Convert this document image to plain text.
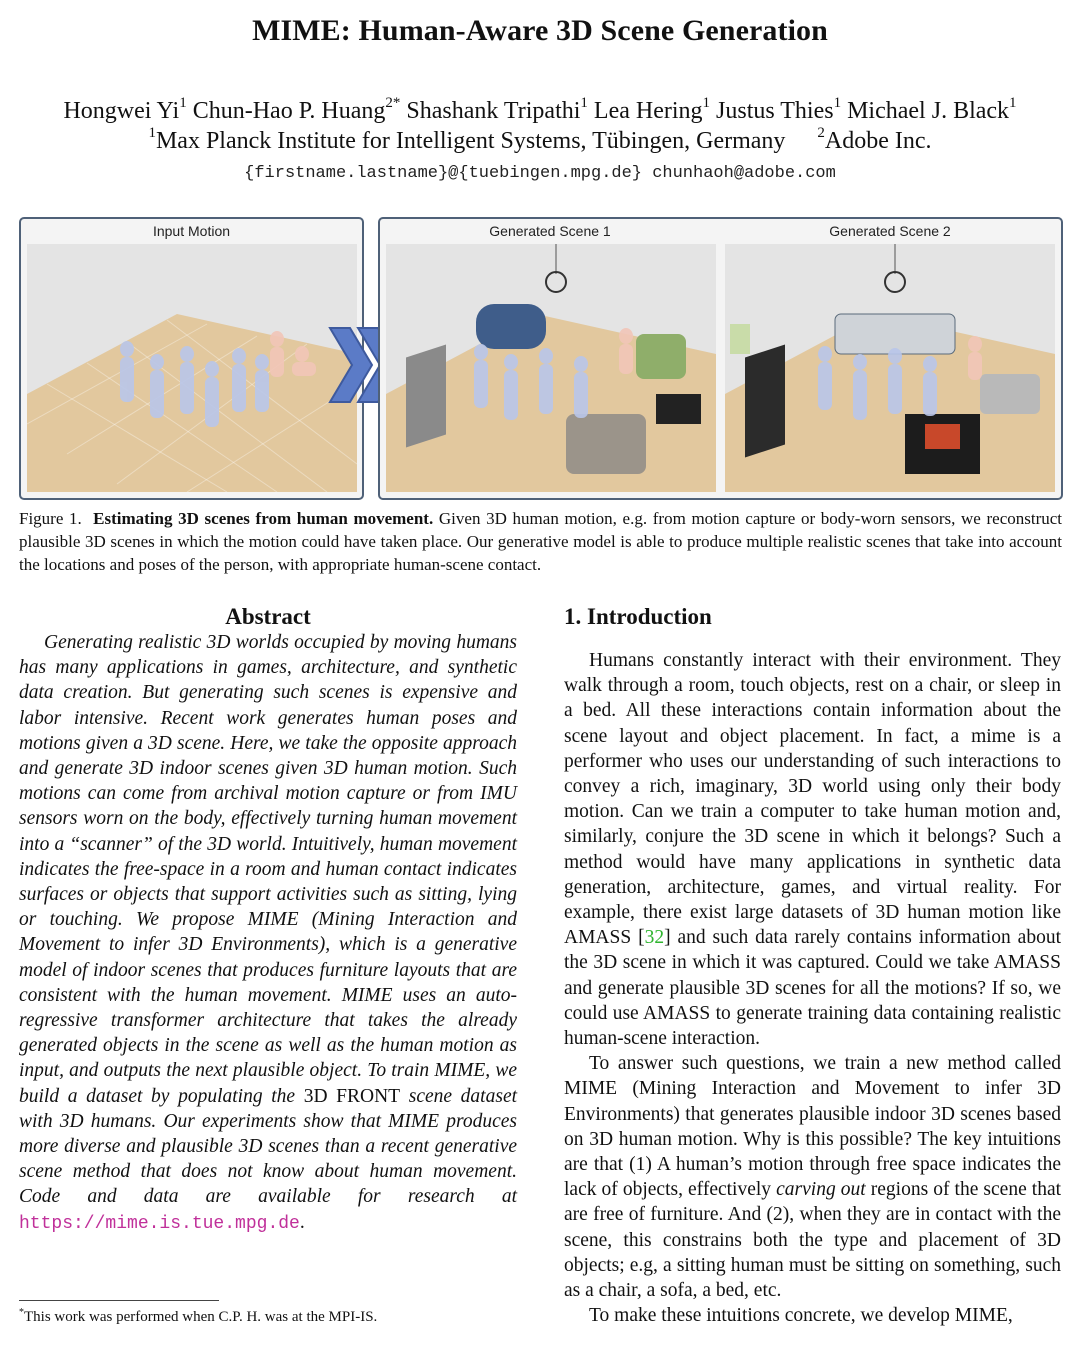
MIME: Human-Aware 3D Scene Generation
Hongwei Yi$^1$ Chun-Hao P. Huang$^{2*}$ Shashank Tripathi$^1$ Lea Hering$^1$ Justus Thies$^1$ Michael J. Black$^1$
$^1$Max Planck Institute for Intelligent Systems, Tübingen, Germany $^2$Adobe Inc.
{firstname.lastname}@{tuebingen.mpg.de} chunhaoh@adobe.com
Input Motion	Generated Scene 1	Generated Scene 2
Figure 1. Estimating 3D scenes from human movement. Given 3D human motion, e.g. from motion capture or body-worn sensors, we reconstruct plausible 3D scenes in which the motion could have taken place. Our generative model is able to produce multiple realistic scenes that take into account the locations and poses of the person, with appropriate human-scene contact.
Abstract
Generating realistic 3D worlds occupied by moving humans has many applications in games, architecture, and synthetic data creation. But generating such scenes is expensive and labor intensive. Recent work generates human poses and motions given a 3D scene. Here, we take the opposite approach and generate 3D indoor scenes given 3D human motion. Such motions can come from archival motion capture or from IMU sensors worn on the body, effectively turning human movement into a “scanner” of the 3D world. Intuitively, human movement indicates the free-space in a room and human contact indicates surfaces or objects that support activities such as sitting, lying or touching. We propose MIME (Mining Interaction and Movement to infer 3D Environments), which is a generative model of indoor scenes that produces furniture layouts that are consistent with the human movement. MIME uses an auto-regressive transformer architecture that takes the already generated objects in the scene as well as the human motion as input, and outputs the next plausible object. To train MIME, we build a dataset by populating the 3D FRONT scene dataset with 3D humans. Our experiments show that MIME produces more diverse and plausible 3D scenes than a recent generative scene method that does not know about human movement. Code and data are available for research at https://mime.is.tue.mpg.de.
1. Introduction

Humans constantly interact with their environment. They walk through a room, touch objects, rest on a chair, or sleep in a bed. All these interactions contain information about the scene layout and object placement. In fact, a mime is a performer who uses our understanding of such interactions to convey a rich, imaginary, 3D world using only their body motion. Can we train a computer to take human motion and, similarly, conjure the 3D scene in which it belongs? Such a method would have many applications in synthetic data generation, architecture, games, and virtual reality. For example, there exist large datasets of 3D human motion like AMASS [32] and such data rarely contains information about the 3D scene in which it was captured. Could we take AMASS and generate plausible 3D scenes for all the motions? If so, we could use AMASS to generate training data containing realistic human-scene interaction.

To answer such questions, we train a new method called MIME (Mining Interaction and Movement to infer 3D Environments) that generates plausible indoor 3D scenes based on 3D human motion. Why is this possible? The key intuitions are that (1) A human’s motion through free space indicates the lack of objects, effectively carving out regions of the scene that are free of furniture. And (2), when they are in contact with the scene, this constrains both the type and placement of 3D objects; e.g, a sitting human must be sitting on something, such as a chair, a sofa, a bed, etc.

To make these intuitions concrete, we develop MIME,

*This work was performed when C.P. H. was at the MPI-IS.
